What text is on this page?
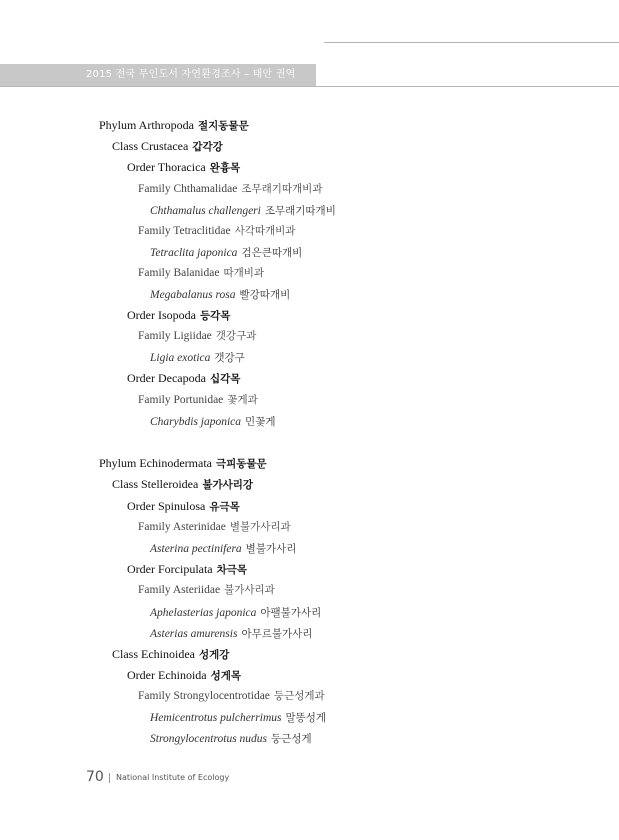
2015 전국 무인도서 자연환경조사 – 태안 권역
Phylum Arthropoda 절지동물문
Class Crustacea 갑각강
Order Thoracica 완흉목
Family Chthamalidae 조무래기따개비과
Chthamalus challengeri 조무래기따개비
Family Tetraclitidae 사각따개비과
Tetraclita japonica 검은큰따개비
Family Balanidae 따개비과
Megabalanus rosa 빨강따개비
Order Isopoda 등각목
Family Ligiidae 갯강구과
Ligia exotica 갯강구
Order Decapoda 십각목
Family Portunidae 꽃게과
Charybdis japonica 민꽃게
Phylum Echinodermata 극피동물문
Class Stelleroidea 불가사리강
Order Spinulosa 유극목
Family Asterinidae 별불가사리과
Asterina pectinifera 별불가사리
Order Forcipulata 차극목
Family Asteriidae 불가사리과
Aphelasterias japonica 아팰불가사리
Asterias amurensis 아무르불가사리
Class Echinoidea 성게강
Order Echinoida 성게목
Family Strongylocentrotidae 둥근성게과
Hemicentrotus pulcherrimus 말똥성게
Strongylocentrotus nudus 둥근성게
70 National Institute of Ecology
